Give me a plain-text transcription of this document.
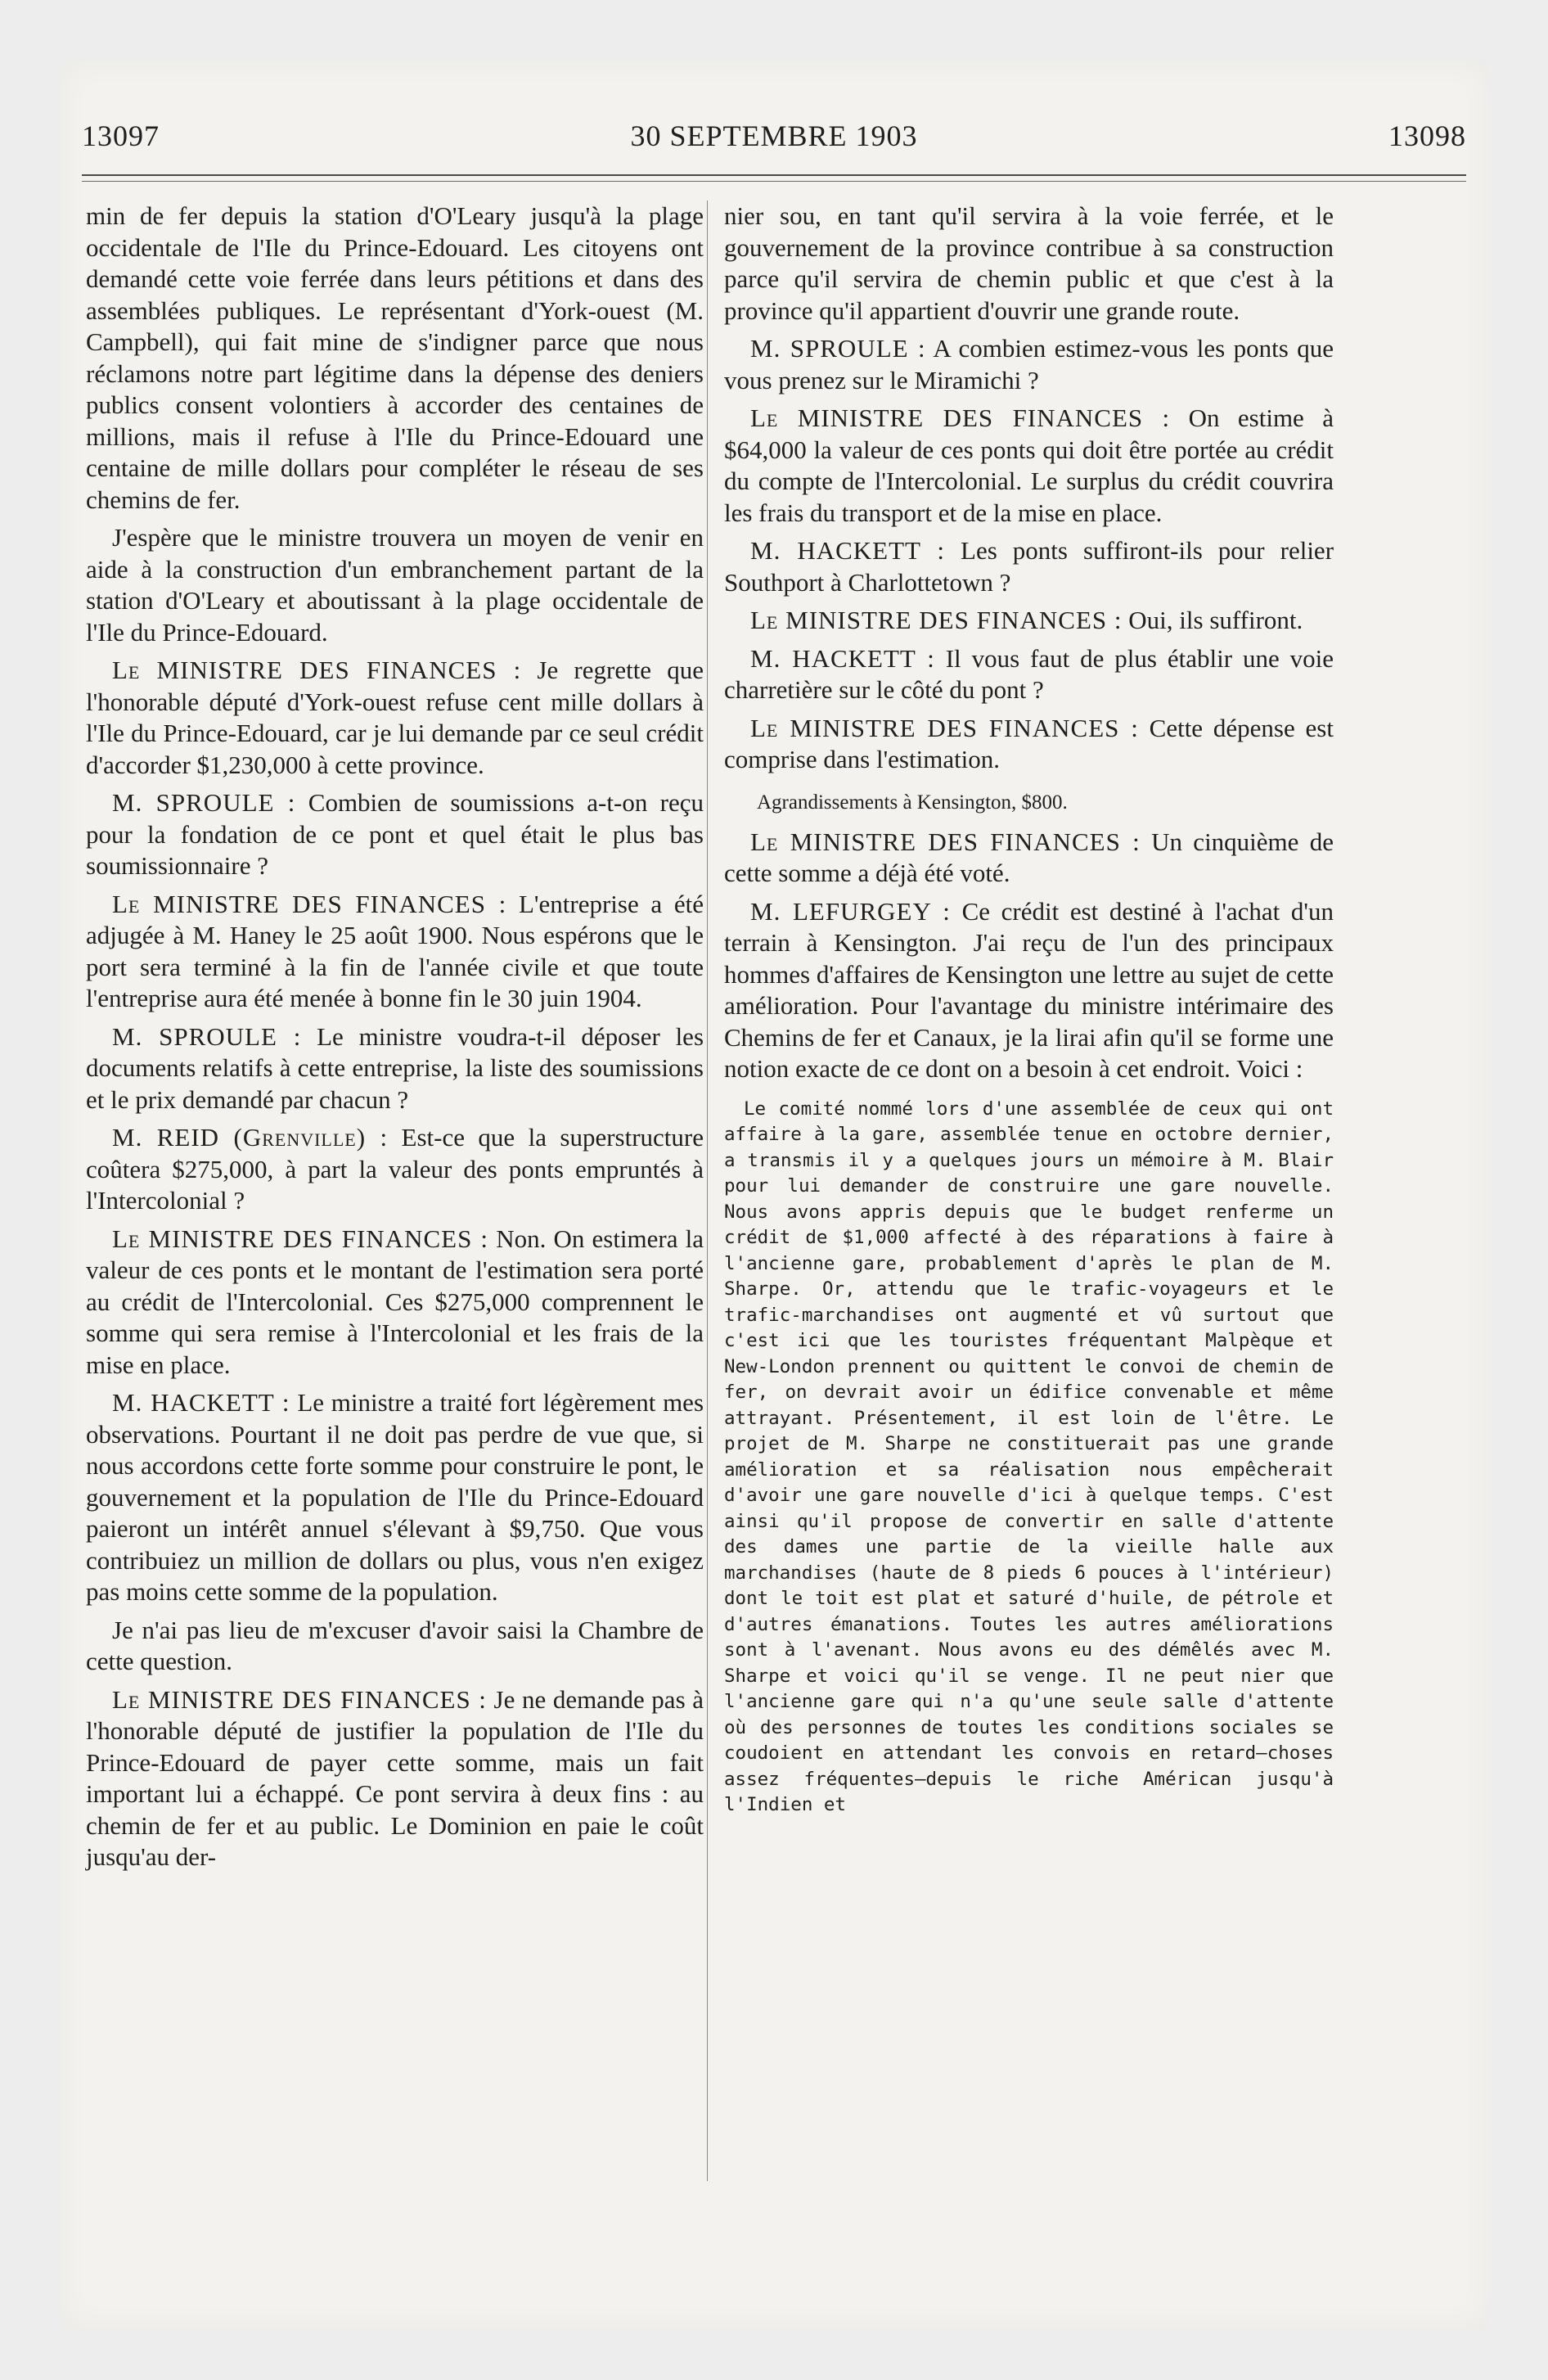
13097	30 SEPTEMBRE 1903	13098

min de fer depuis la station d'O'Leary jusqu'à la plage occidentale de l'Ile du Prince-Edouard. Les citoyens ont demandé cette voie ferrée dans leurs pétitions et dans des assemblées publiques. Le représentant d'York-ouest (M. Campbell), qui fait mine de s'indigner parce que nous réclamons notre part légitime dans la dépense des deniers publics consent volontiers à accorder des centaines de millions, mais il refuse à l'Ile du Prince-Edouard une centaine de mille dollars pour compléter le réseau de ses chemins de fer.

J'espère que le ministre trouvera un moyen de venir en aide à la construction d'un embranchement partant de la station d'O'Leary et aboutissant à la plage occidentale de l'Ile du Prince-Edouard.

Le MINISTRE DES FINANCES : Je regrette que l'honorable député d'York-ouest refuse cent mille dollars à l'Ile du Prince-Edouard, car je lui demande par ce seul crédit d'accorder $1,230,000 à cette province.

M. SPROULE : Combien de soumissions a-t-on reçu pour la fondation de ce pont et quel était le plus bas soumissionnaire ?

Le MINISTRE DES FINANCES : L'entreprise a été adjugée à M. Haney le 25 août 1900. Nous espérons que le port sera terminé à la fin de l'année civile et que toute l'entreprise aura été menée à bonne fin le 30 juin 1904.

M. SPROULE : Le ministre voudra-t-il déposer les documents relatifs à cette entreprise, la liste des soumissions et le prix demandé par chacun ?

M. REID (Grenville) : Est-ce que la superstructure coûtera $275,000, à part la valeur des ponts empruntés à l'Intercolonial ?

Le MINISTRE DES FINANCES : Non. On estimera la valeur de ces ponts et le montant de l'estimation sera porté au crédit de l'Intercolonial. Ces $275,000 comprennent le somme qui sera remise à l'Intercolonial et les frais de la mise en place.

M. HACKETT : Le ministre a traité fort légèrement mes observations. Pourtant il ne doit pas perdre de vue que, si nous accordons cette forte somme pour construire le pont, le gouvernement et la population de l'Ile du Prince-Edouard paieront un intérêt annuel s'élevant à $9,750. Que vous contribuiez un million de dollars ou plus, vous n'en exigez pas moins cette somme de la population.

Je n'ai pas lieu de m'excuser d'avoir saisi la Chambre de cette question.

Le MINISTRE DES FINANCES : Je ne demande pas à l'honorable député de justifier la population de l'Ile du Prince-Edouard de payer cette somme, mais un fait important lui a échappé. Ce pont servira à deux fins : au chemin de fer et au public. Le Dominion en paie le coût jusqu'au der-

nier sou, en tant qu'il servira à la voie ferrée, et le gouvernement de la province contribue à sa construction parce qu'il servira de chemin public et que c'est à la province qu'il appartient d'ouvrir une grande route.

M. SPROULE : A combien estimez-vous les ponts que vous prenez sur le Miramichi ?

Le MINISTRE DES FINANCES : On estime à $64,000 la valeur de ces ponts qui doit être portée au crédit du compte de l'Intercolonial. Le surplus du crédit couvrira les frais du transport et de la mise en place.

M. HACKETT : Les ponts suffiront-ils pour relier Southport à Charlottetown ?

Le MINISTRE DES FINANCES : Oui, ils suffiront.

M. HACKETT : Il vous faut de plus établir une voie charretière sur le côté du pont ?

Le MINISTRE DES FINANCES : Cette dépense est comprise dans l'estimation.

Agrandissements à Kensington, $800.

Le MINISTRE DES FINANCES : Un cinquième de cette somme a déjà été voté.

M. LEFURGEY : Ce crédit est destiné à l'achat d'un terrain à Kensington. J'ai reçu de l'un des principaux hommes d'affaires de Kensington une lettre au sujet de cette amélioration. Pour l'avantage du ministre intérimaire des Chemins de fer et Canaux, je la lirai afin qu'il se forme une notion exacte de ce dont on a besoin à cet endroit. Voici :

Le comité nommé lors d'une assemblée de ceux qui ont affaire à la gare, assemblée tenue en octobre dernier, a transmis il y a quelques jours un mémoire à M. Blair pour lui demander de construire une gare nouvelle. Nous avons appris depuis que le budget renferme un crédit de $1,000 affecté à des réparations à faire à l'ancienne gare, probablement d'après le plan de M. Sharpe. Or, attendu que le trafic-voyageurs et le trafic-marchandises ont augmenté et vû surtout que c'est ici que les touristes fréquentant Malpèque et New-London prennent ou quittent le convoi de chemin de fer, on devrait avoir un édifice convenable et même attrayant. Présentement, il est loin de l'être. Le projet de M. Sharpe ne constituerait pas une grande amélioration et sa réalisation nous empêcherait d'avoir une gare nouvelle d'ici à quelque temps. C'est ainsi qu'il propose de convertir en salle d'attente des dames une partie de la vieille halle aux marchandises (haute de 8 pieds 6 pouces à l'intérieur) dont le toit est plat et saturé d'huile, de pétrole et d'autres émanations. Toutes les autres améliorations sont à l'avenant. Nous avons eu des démêlés avec M. Sharpe et voici qu'il se venge. Il ne peut nier que l'ancienne gare qui n'a qu'une seule salle d'attente où des personnes de toutes les conditions sociales se coudoient en attendant les convois en retard—choses assez fréquentes—depuis le riche Américan jusqu'à l'Indien et
